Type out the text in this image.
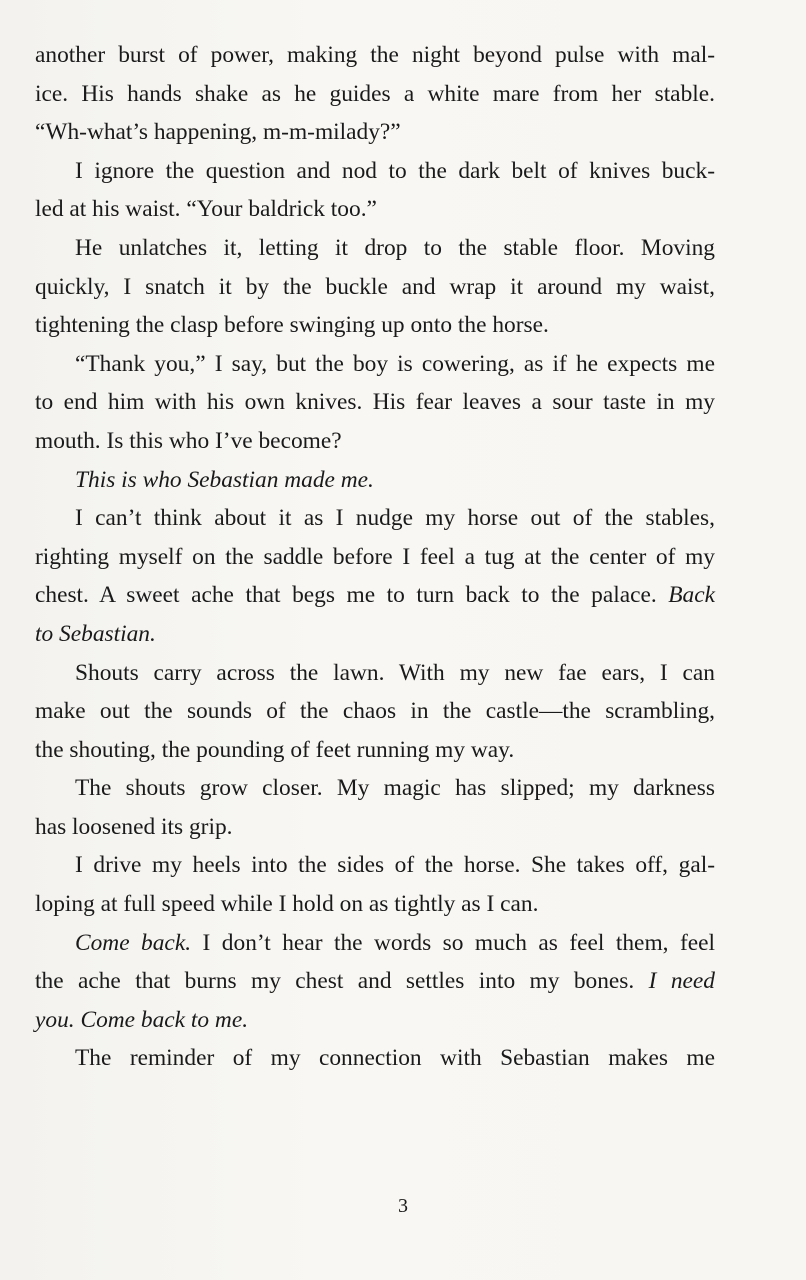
another burst of power, making the night beyond pulse with mal-
ice. His hands shake as he guides a white mare from her stable.
“Wh-what’s happening, m-m-milady?”
I ignore the question and nod to the dark belt of knives buck-
led at his waist. “Your baldrick too.”
He unlatches it, letting it drop to the stable floor. Moving
quickly, I snatch it by the buckle and wrap it around my waist,
tightening the clasp before swinging up onto the horse.
“Thank you,” I say, but the boy is cowering, as if he expects me
to end him with his own knives. His fear leaves a sour taste in my
mouth. Is this who I’ve become?
This is who Sebastian made me.
I can’t think about it as I nudge my horse out of the stables,
righting myself on the saddle before I feel a tug at the center of my
chest. A sweet ache that begs me to turn back to the palace. Back
to Sebastian.
Shouts carry across the lawn. With my new fae ears, I can
make out the sounds of the chaos in the castle—the scrambling,
the shouting, the pounding of feet running my way.
The shouts grow closer. My magic has slipped; my darkness
has loosened its grip.
I drive my heels into the sides of the horse. She takes off, gal-
loping at full speed while I hold on as tightly as I can.
Come back. I don’t hear the words so much as feel them, feel
the ache that burns my chest and settles into my bones. I need
you. Come back to me.
The reminder of my connection with Sebastian makes me
3
